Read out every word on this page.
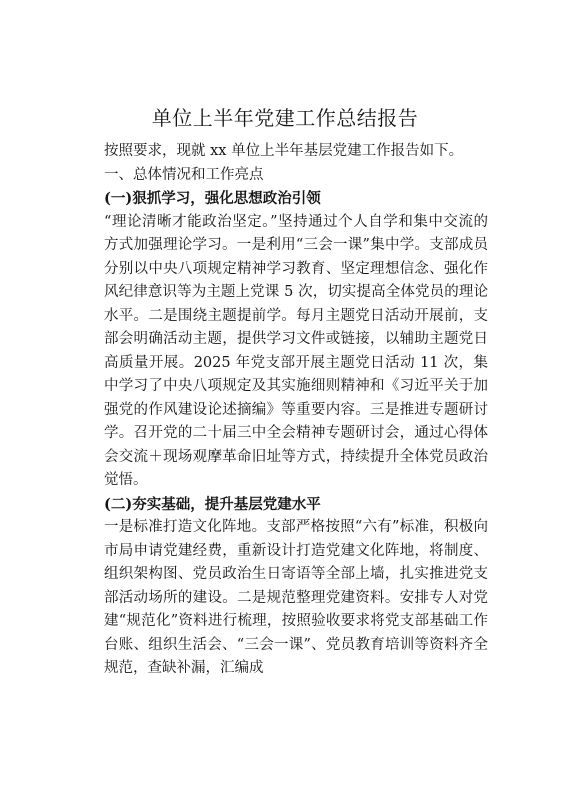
单位上半年党建工作总结报告

按照要求，现就 xx 单位上半年基层党建工作报告如下。

一、总体情况和工作亮点

(一)狠抓学习，强化思想政治引领

“理论清晰才能政治坚定。”坚持通过个人自学和集中交流的方式加强理论学习。一是利用“三会一课”集中学。支部成员分别以中央八项规定精神学习教育、坚定理想信念、强化作风纪律意识等为主题上党课 5 次，切实提高全体党员的理论水平。二是围绕主题提前学。每月主题党日活动开展前，支部会明确活动主题，提供学习文件或链接，以辅助主题党日高质量开展。2025 年党支部开展主题党日活动 11 次，集中学习了中央八项规定及其实施细则精神和《习近平关于加强党的作风建设论述摘编》等重要内容。三是推进专题研讨学。召开党的二十届三中全会精神专题研讨会，通过心得体会交流＋现场观摩革命旧址等方式，持续提升全体党员政治觉悟。

(二)夯实基础，提升基层党建水平

一是标准打造文化阵地。支部严格按照“六有”标准，积极向市局申请党建经费，重新设计打造党建文化阵地，将制度、组织架构图、党员政治生日寄语等全部上墙，扎实推进党支部活动场所的建设。二是规范整理党建资料。安排专人对党建“规范化”资料进行梳理，按照验收要求将党支部基础工作台账、组织生活会、“三会一课”、党员教育培训等资料齐全规范，查缺补漏，汇编成
